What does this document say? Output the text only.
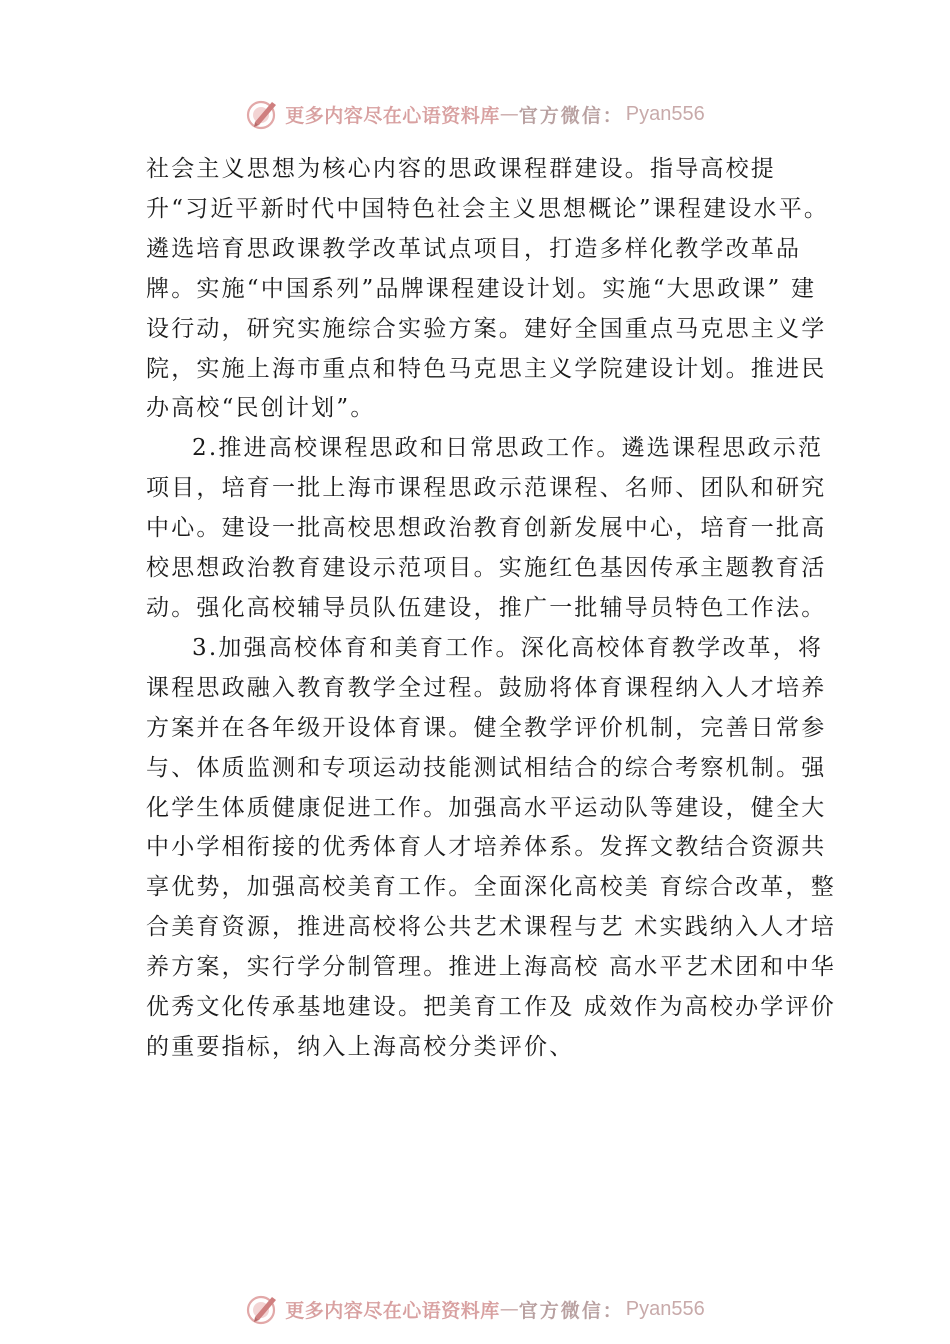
更多内容尽在心语资料库 — 官方微信： Pyan556

社会主义思想为核心内容的思政课程群建设。指导高校提升“习近平新时代中国特色社会主义思想概论”课程建设水平。遴选培育思政课教学改革试点项目，打造多样化教学改革品牌。实施“中国系列”品牌课程建设计划。实施“大思政课” 建设行动，研究实施综合实验方案。建好全国重点马克思主义学院，实施上海市重点和特色马克思主义学院建设计划。推进民办高校“民创计划”。

2.推进高校课程思政和日常思政工作。遴选课程思政示范项目，培育一批上海市课程思政示范课程、名师、团队和研究中心。建设一批高校思想政治教育创新发展中心，培育一批高校思想政治教育建设示范项目。实施红色基因传承主题教育活动。强化高校辅导员队伍建设，推广一批辅导员特色工作法。

3.加强高校体育和美育工作。深化高校体育教学改革，将课程思政融入教育教学全过程。鼓励将体育课程纳入人才培养方案并在各年级开设体育课。健全教学评价机制，完善日常参与、体质监测和专项运动技能测试相结合的综合考察机制。强化学生体质健康促进工作。加强高水平运动队等建设，健全大中小学相衔接的优秀体育人才培养体系。发挥文教结合资源共享优势，加强高校美育工作。全面深化高校美 育综合改革，整合美育资源，推进高校将公共艺术课程与艺 术实践纳入人才培养方案，实行学分制管理。推进上海高校 高水平艺术团和中华优秀文化传承基地建设。把美育工作及 成效作为高校办学评价的重要指标，纳入上海高校分类评价、

更多内容尽在心语资料库 — 官方微信： Pyan556
